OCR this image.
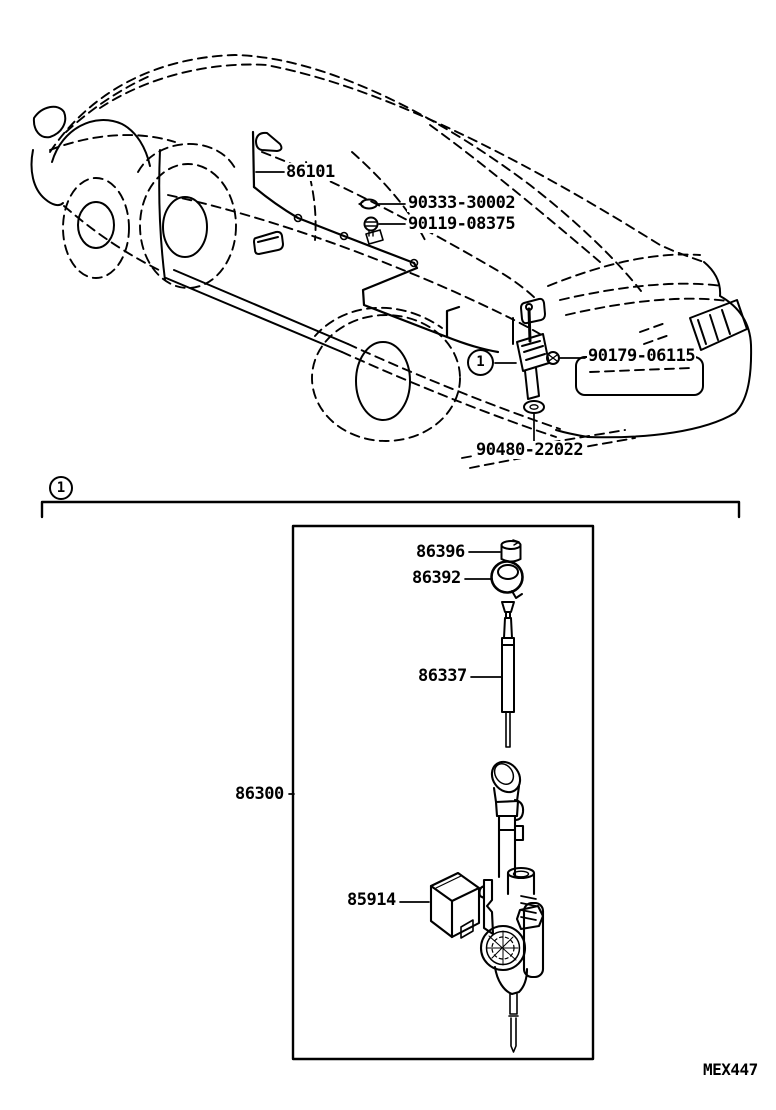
86101
90333-30002
90119-08375
90179-06115
90480-22022
1
1
86396
86392
86337
86300
85914
MEX447
